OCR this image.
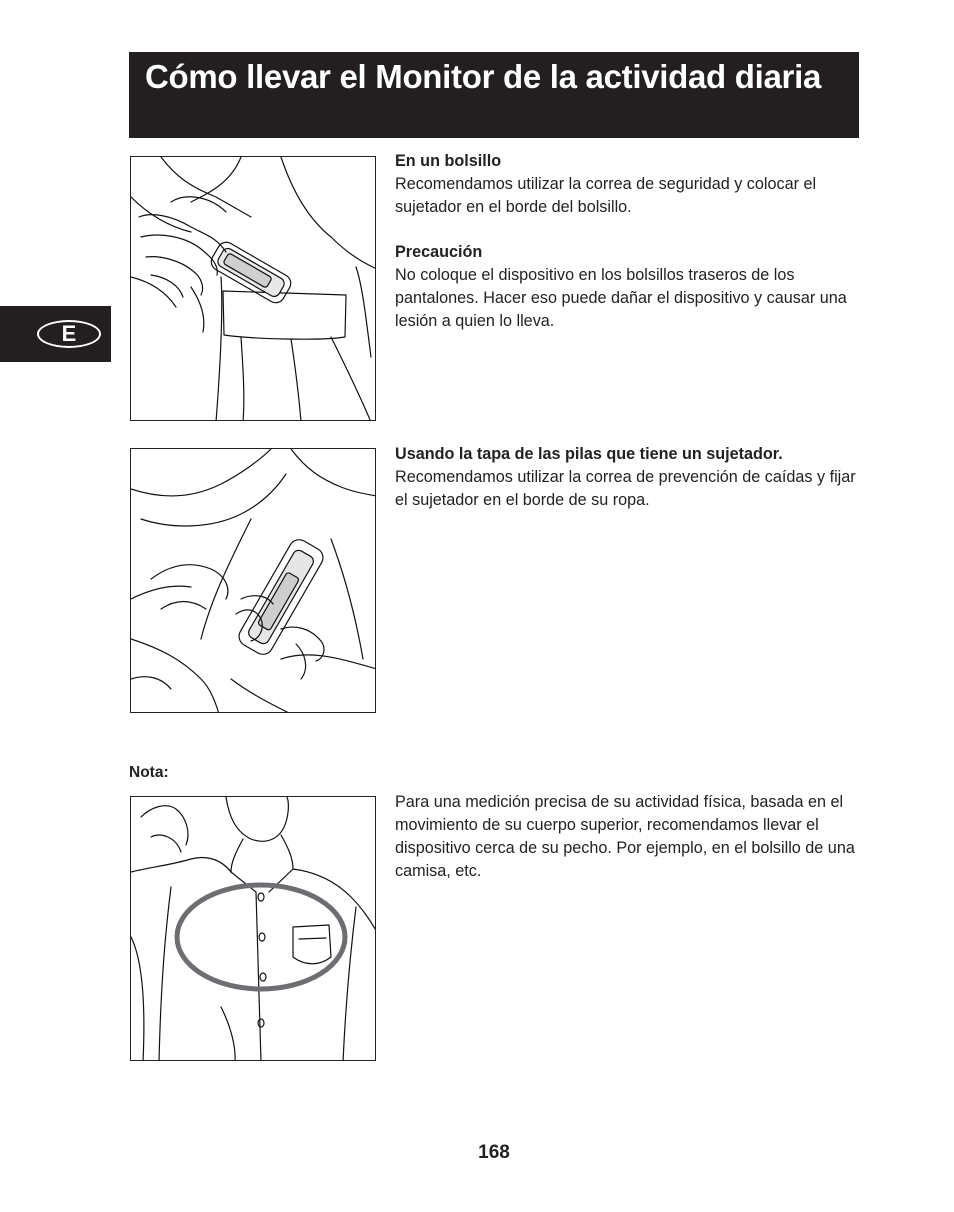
Cómo llevar el Monitor de la actividad diaria
E
En un bolsillo

Recomendamos utilizar la correa de seguridad y colocar el sujetador en el borde del bolsillo.

Precaución

No coloque el dispositivo en los bolsillos traseros de los pantalones. Hacer eso puede dañar el dispositivo y causar una lesión a quien lo lleva.

Usando la tapa de las pilas que tiene un sujetador.

Recomendamos utilizar la correa de prevención de caídas y fijar el sujetador en el borde de su ropa.

Nota:

Para una medición precisa de su actividad física, basada en el movimiento de su cuerpo superior, recomendamos llevar el dispositivo cerca de su pecho. Por ejemplo, en el bolsillo de una camisa, etc.

168
